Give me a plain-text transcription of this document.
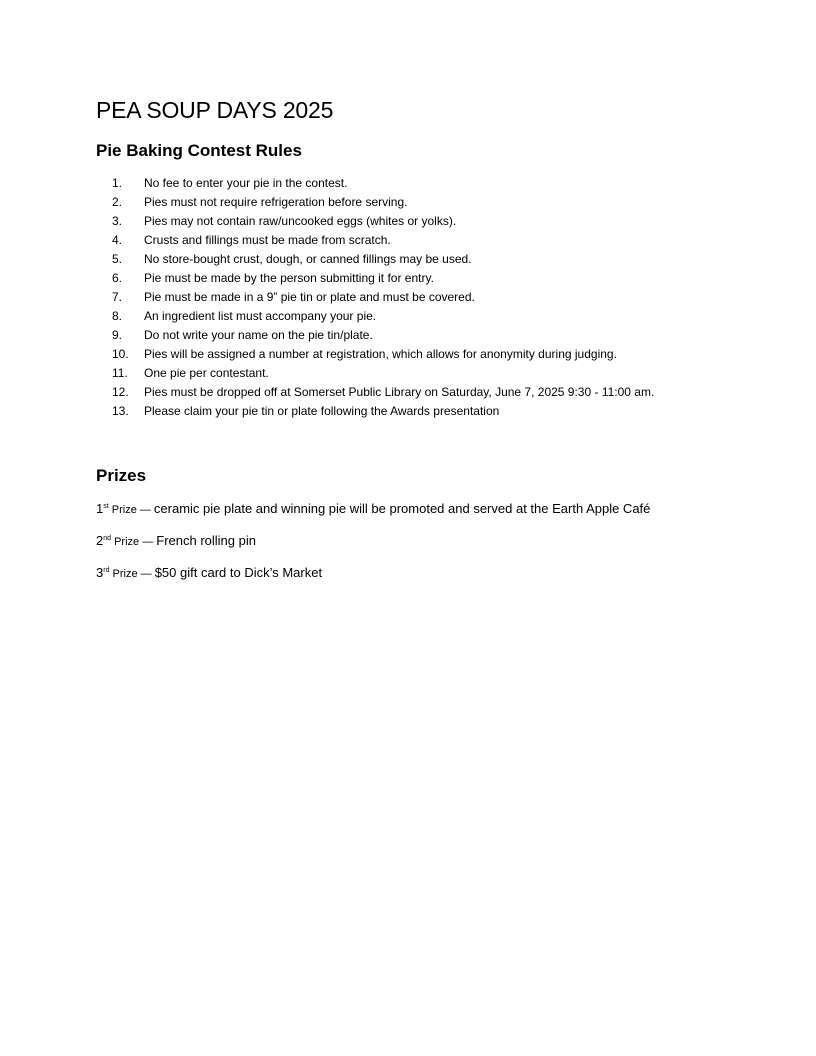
PEA SOUP DAYS 2025
Pie Baking Contest Rules
1.	No fee to enter your pie in the contest.
2.	Pies must not require refrigeration before serving.
3.	Pies may not contain raw/uncooked eggs (whites or yolks).
4.	Crusts and fillings must be made from scratch.
5.	No store-bought crust, dough, or canned fillings may be used.
6.	Pie must be made by the person submitting it for entry.
7.	Pie must be made in a 9” pie tin or plate and must be covered.
8.	An ingredient list must accompany your pie.
9.	Do not write your name on the pie tin/plate.
10. Pies will be assigned a number at registration, which allows for anonymity during judging.
11.	One pie per contestant.
12. Pies must be dropped off at Somerset Public Library on Saturday, June 7, 2025 9:30 - 11:00 am.
13. Please claim your pie tin or plate following the Awards presentation
Prizes
1st Prize — ceramic pie plate and winning pie will be promoted and served at the Earth Apple Café
2nd Prize — French rolling pin
3rd Prize — $50 gift card to Dick’s Market
